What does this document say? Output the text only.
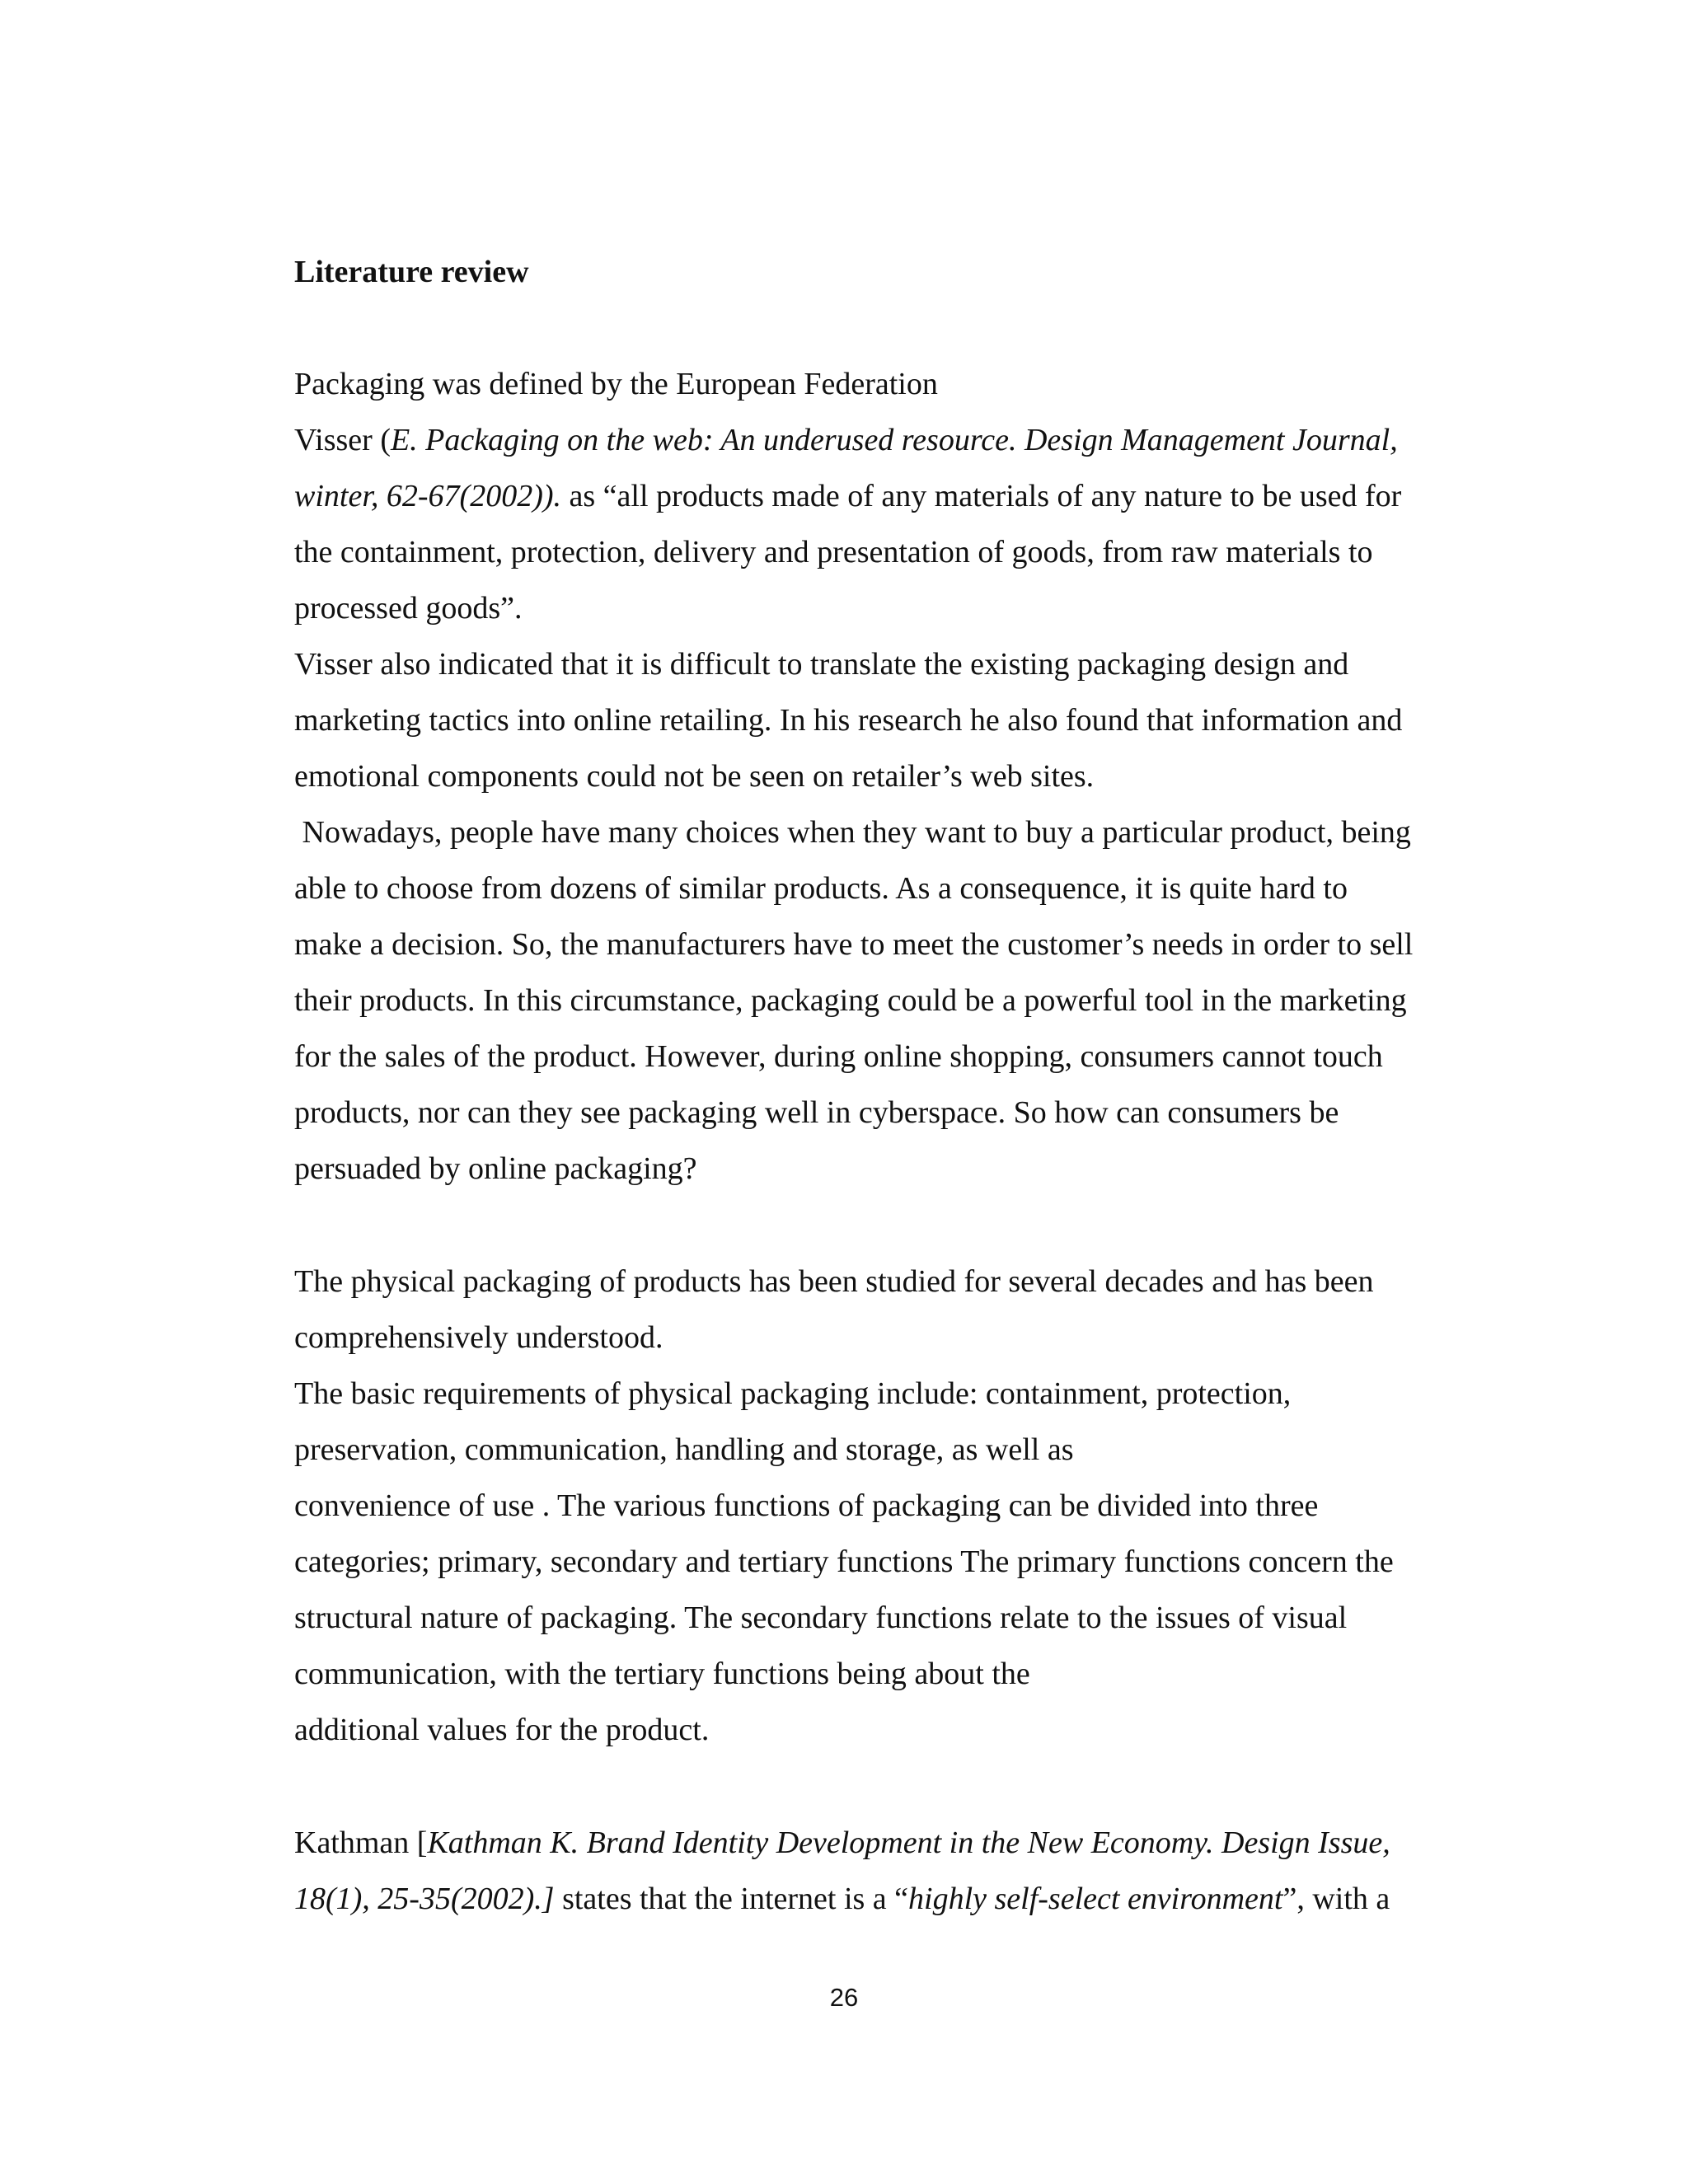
Literature review
Packaging was defined by the European Federation
Visser (E. Packaging on the web: An underused resource. Design Management Journal,
winter, 62-67(2002)). as “all products made of any materials of any nature to be used for
the containment, protection, delivery and presentation of goods, from raw materials to
processed goods”.
Visser also indicated that it is difficult to translate the existing packaging design and
marketing tactics into online retailing. In his research he also found that information and
emotional components could not be seen on retailer’s web sites.
Nowadays, people have many choices when they want to buy a particular product, being
able to choose from dozens of similar products. As a consequence, it is quite hard to
make a decision. So, the manufacturers have to meet the customer’s needs in order to sell
their products. In this circumstance, packaging could be a powerful tool in the marketing
for the sales of the product. However, during online shopping, consumers cannot touch
products, nor can they see packaging well in cyberspace. So how can consumers be
persuaded by online packaging?
The physical packaging of products has been studied for several decades and has been
comprehensively understood.
The basic requirements of physical packaging include: containment, protection,
preservation, communication, handling and storage, as well as
convenience of use . The various functions of packaging can be divided into three
categories; primary, secondary and tertiary functions The primary functions concern the
structural nature of packaging. The secondary functions relate to the issues of visual
communication, with the tertiary functions being about the
additional values for the product.
Kathman [Kathman K. Brand Identity Development in the New Economy. Design Issue,
18(1), 25-35(2002).] states that the internet is a “highly self-select environment”, with a
26
